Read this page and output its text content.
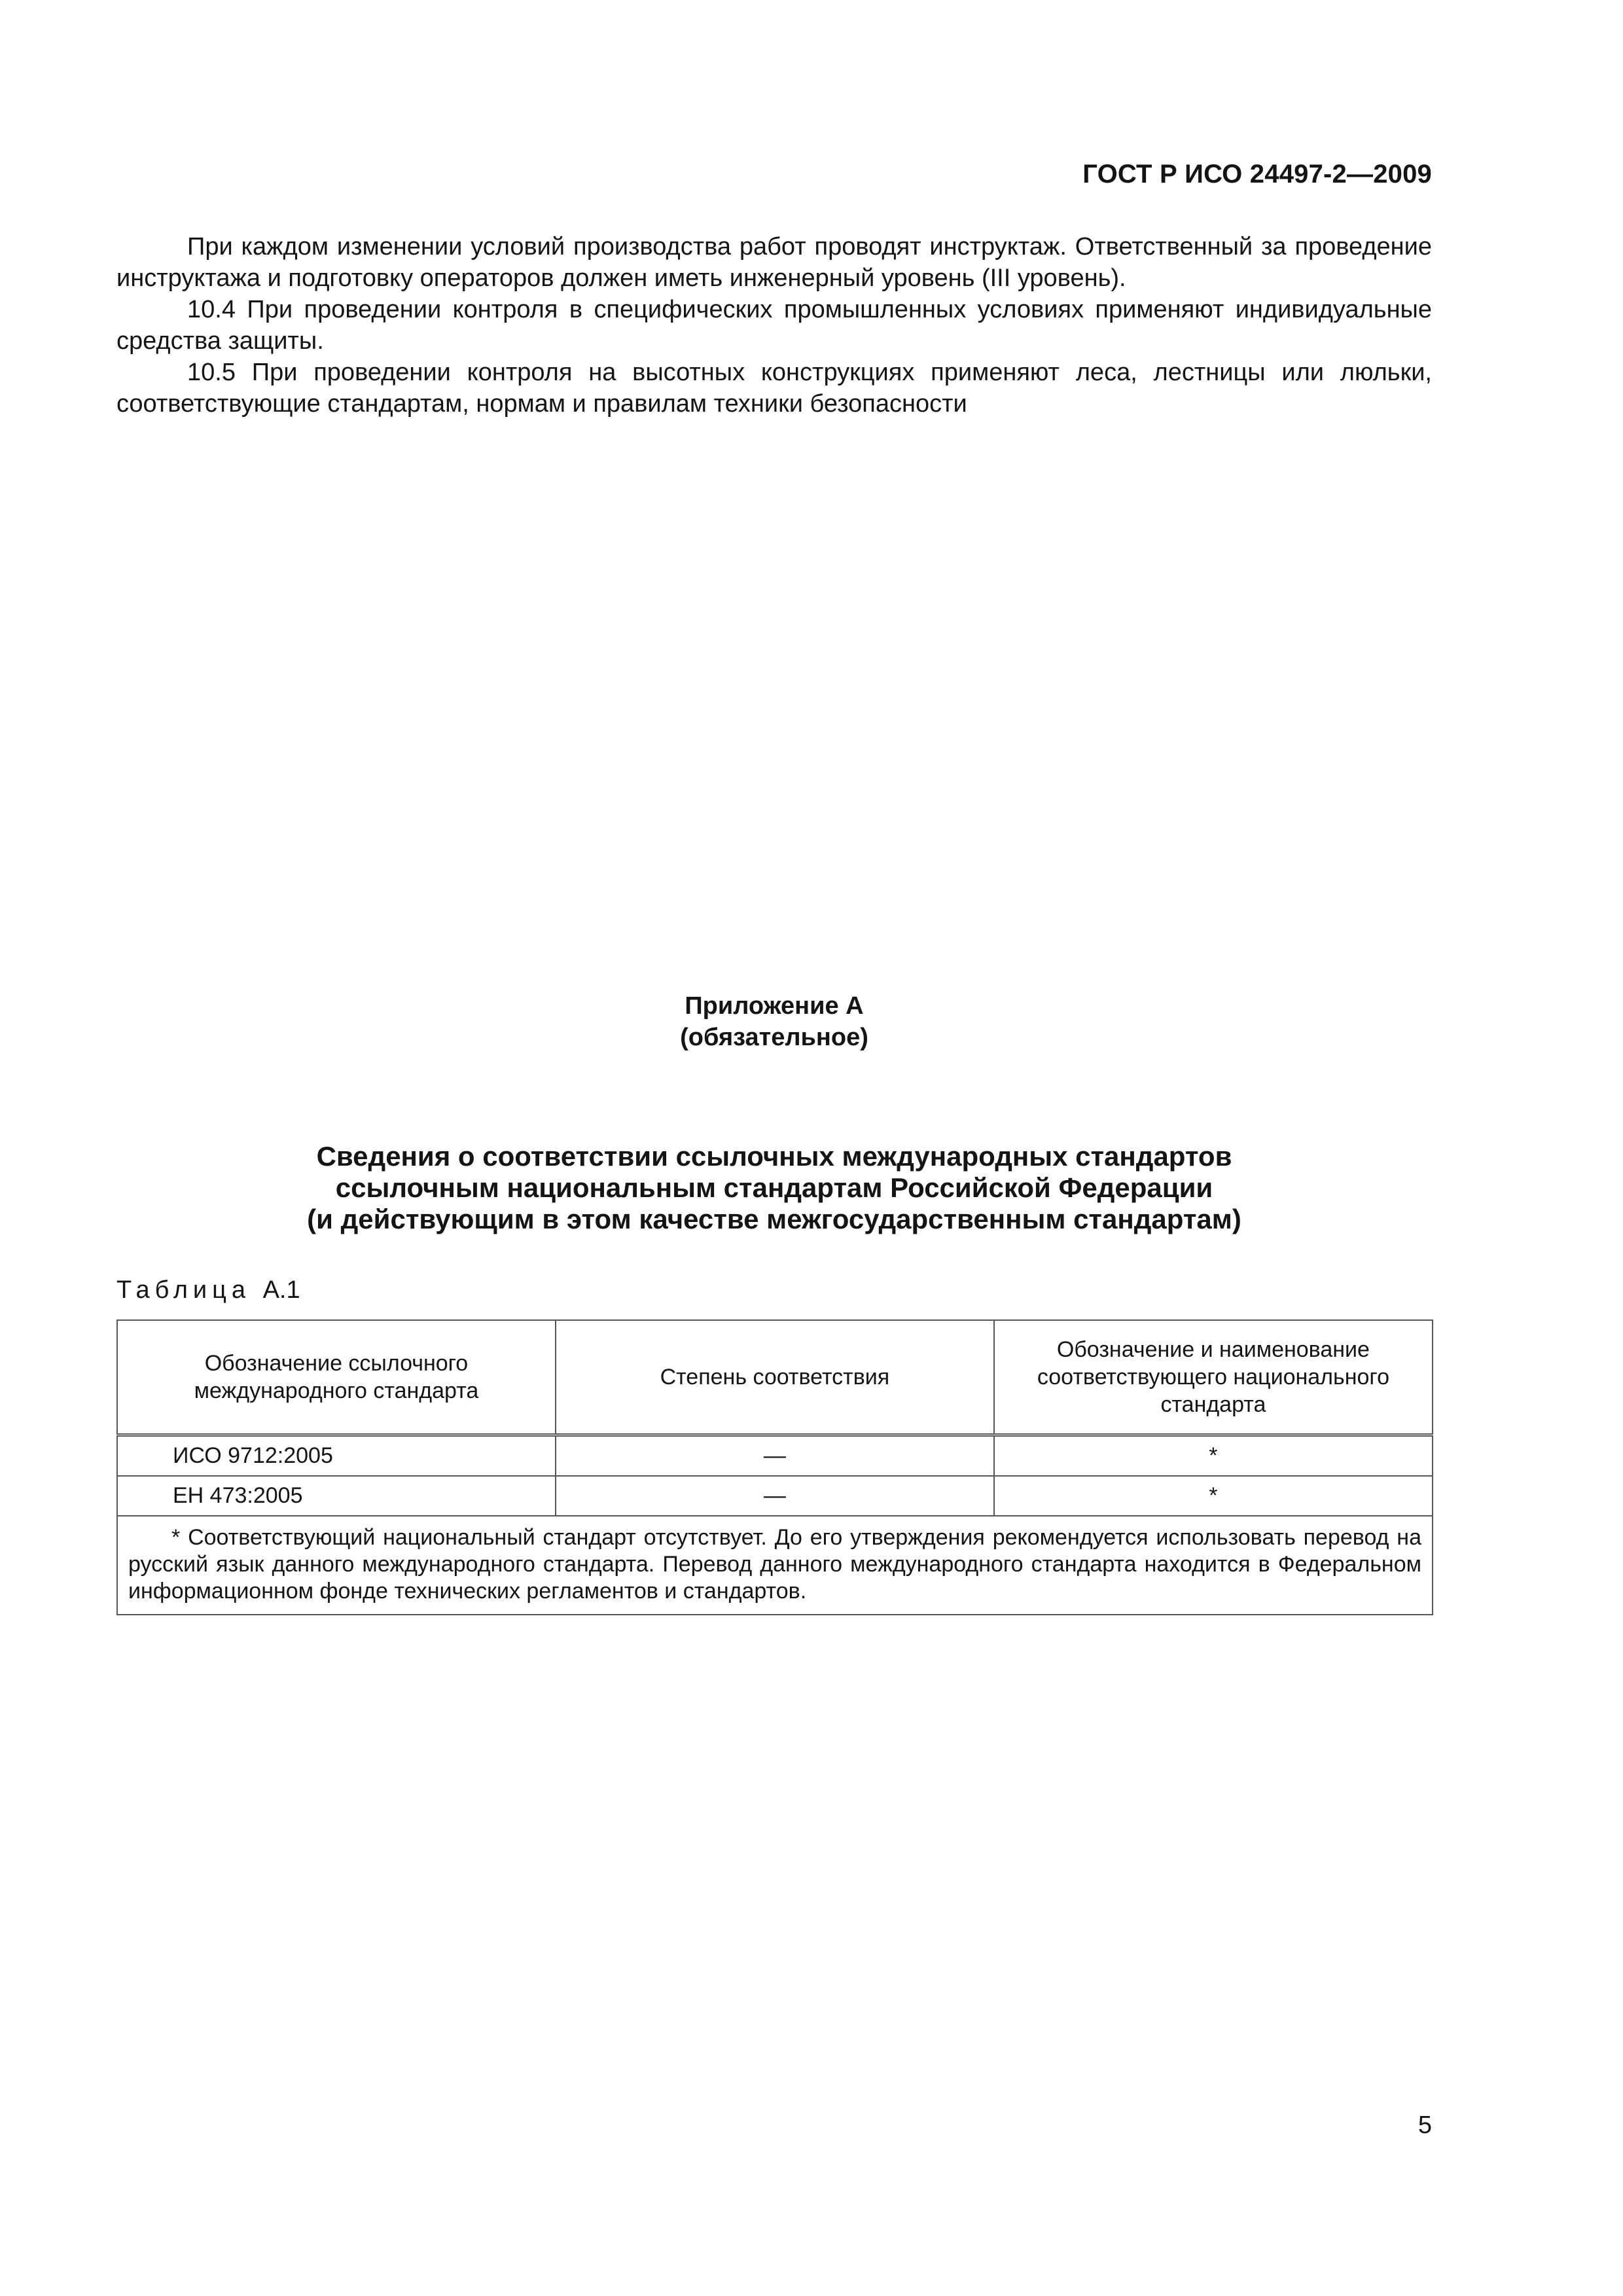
ГОСТ Р ИСО 24497-2—2009

При каждом изменении условий производства работ проводят инструктаж. Ответственный за проведение инструктажа и подготовку операторов должен иметь инженерный уровень (III уровень).

10.4 При проведении контроля в специфических промышленных условиях применяют индивидуальные средства защиты.

10.5 При проведении контроля на высотных конструкциях применяют леса, лестницы или люльки, соответствующие стандартам, нормам и правилам техники безопасности

Приложение А
(обязательное)
Сведения о соответствии ссылочных международных стандартов
ссылочным национальным стандартам Российской Федерации
(и действующим в этом качестве межгосударственным стандартам)
Таблица А.1
Обозначение ссылочного международного стандарта	Степень соответствия	Обозначение и наименование соответствующего национального стандарта
ИСО 9712:2005	—	*
ЕН 473:2005	—	*

* Соответствующий национальный стандарт отсутствует. До его утверждения рекомендуется использовать перевод на русский язык данного международного стандарта. Перевод данного международного стандарта находится в Федеральном информационном фонде технических регламентов и стандартов.		
5
